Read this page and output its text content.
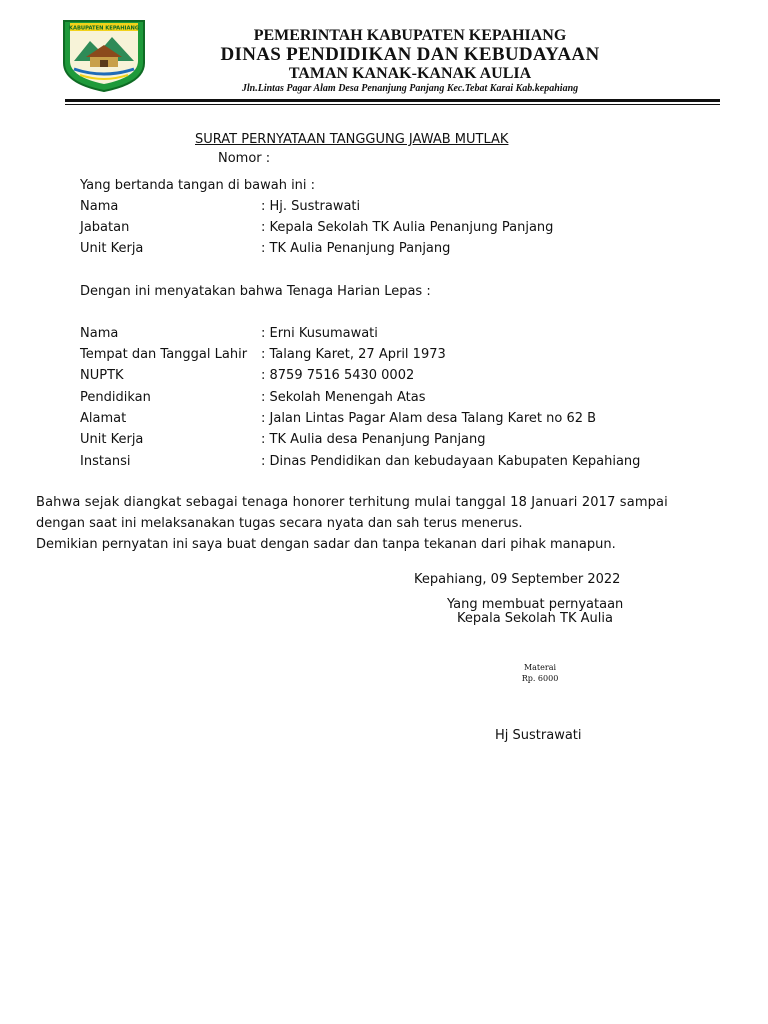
KABUPATEN KEPAHIANG	PEMERINTAH KABUPATEN KEPAHIANG
DINAS PENDIDIKAN DAN KEBUDAYAAN
TAMAN KANAK-KANAK AULIA
Jln.Lintas Pagar Alam Desa Penanjung Panjang Kec.Tebat Karai Kab.kepahiang
SURAT PERNYATAAN TANGGUNG JAWAB MUTLAK
Nomor :
Yang bertanda tangan di bawah ini :
Nama	: Hj. Sustrawati
Jabatan	: Kepala Sekolah TK Aulia Penanjung Panjang
Unit Kerja	: TK Aulia Penanjung Panjang
Dengan ini menyatakan bahwa Tenaga Harian Lepas :
Nama	: Erni Kusumawati
Tempat dan Tanggal Lahir : Talang Karet, 27 April 1973
NUPTK	: 8759 7516 5430 0002
Pendidikan	: Sekolah Menengah Atas
Alamat	: Jalan Lintas Pagar Alam desa Talang Karet no 62 B
Unit Kerja	: TK Aulia desa Penanjung Panjang
Instansi	: Dinas Pendidikan dan kebudayaan Kabupaten Kepahiang
Bahwa sejak diangkat sebagai tenaga honorer terhitung mulai tanggal 18 Januari 2017 sampai
dengan saat ini melaksanakan tugas secara nyata dan sah terus menerus.
Demikian pernyatan ini saya buat dengan sadar dan tanpa tekanan dari pihak manapun.
Kepahiang, 09 September 2022
Yang membuat pernyataan
Kepala Sekolah TK Aulia
Materai
Rp. 6000
Hj Sustrawati
